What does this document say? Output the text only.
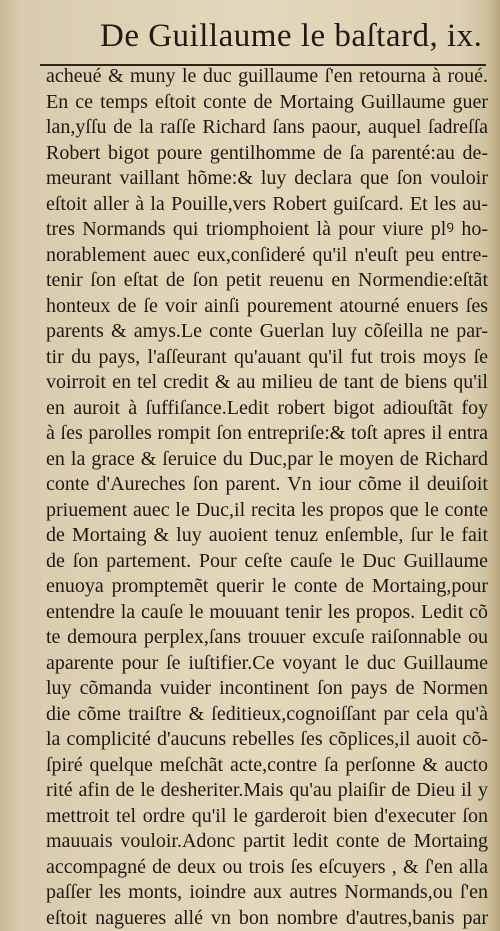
De Guillaume le baſtard, ix.
acheué & muny le duc guillaume ſ'en retourna à roué.
En ce temps eſtoit conte de Mortaing Guillaume guer
lan,yſſu de la raſſe Richard ſans paour, auquel ſadreſſa
Robert bigot poure gentilhomme de ſa parenté:au de-
meurant vaillant hõme:& luy declara que ſon vouloir
eſtoit aller à la Pouille,vers Robert guiſcard. Et les au-
tres Normands qui triomphoient là pour viure plꝰ ho-
norablement auec eux,conſideré qu'il n'euſt peu entre-
tenir ſon eſtat de ſon petit reuenu en Normendie:eſtãt
honteux de ſe voir ainſi pourement atourné enuers ſes
parents & amys.Le conte Guerlan luy cõſeilla ne par-
tir du pays, l'aſſeurant qu'auant qu'il fut trois moys ſe
voirroit en tel credit & au milieu de tant de biens qu'il
en auroit à ſuffiſance.Ledit robert bigot adiouſtãt foy
à ſes parolles rompit ſon entrepriſe:& toſt apres il entra
en la grace & ſeruice du Duc,par le moyen de Richard
conte d'Aureches ſon parent. Vn iour cõme il deuiſoit
priuement auec le Duc,il recita les propos que le conte
de Mortaing & luy auoient tenuz enſemble, ſur le fait
de ſon partement. Pour ceſte cauſe le Duc Guillaume
enuoya promptemẽt querir le conte de Mortaing,pour
entendre la cauſe le mouuant tenir les propos. Ledit cõ
te demoura perplex,ſans trouuer excuſe raiſonnable ou
aparente pour ſe iuſtifier.Ce voyant le duc Guillaume
luy cõmanda vuider incontinent ſon pays de Normen
die cõme traiſtre & ſeditieux,cognoiſſant par cela qu'à
la complicité d'aucuns rebelles ſes cõplices,il auoit cõ-
ſpiré quelque meſchãt acte,contre ſa perſonne & aucto
rité afin de le desheriter.Mais qu'au plaiſir de Dieu il y
mettroit tel ordre qu'il le garderoit bien d'executer ſon
mauuais vouloir.Adonc partit ledit conte de Mortaing
accompagné de deux ou trois ſes eſcuyers , & ſ'en alla
paſſer les monts, ioindre aux autres Normands,ou ſ'en
eſtoit nagueres allé vn bon nombre d'autres,banis par
